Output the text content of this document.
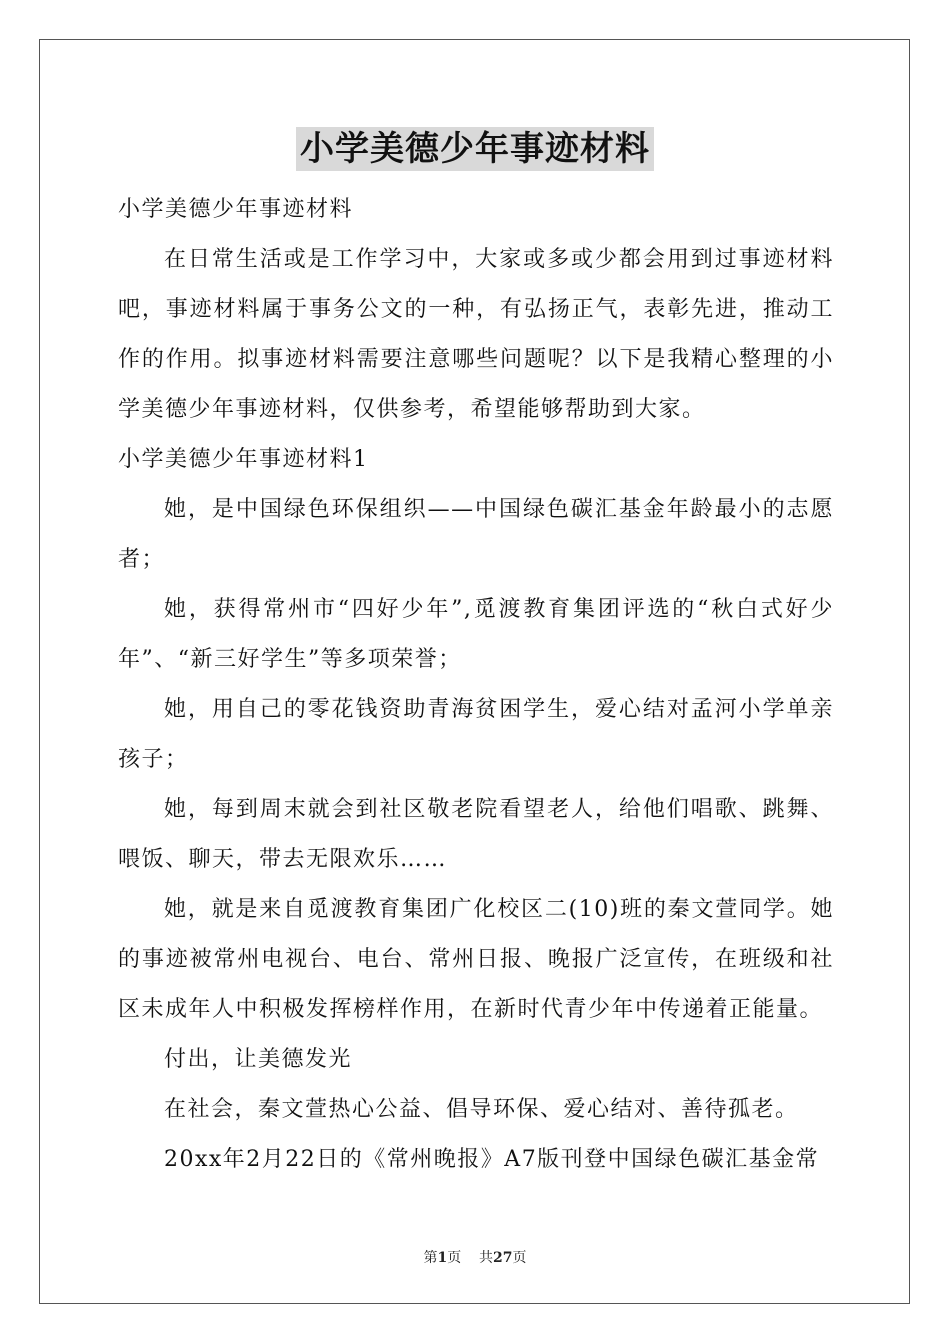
小学美德少年事迹材料

小学美德少年事迹材料

在日常生活或是工作学习中，大家或多或少都会用到过事迹材料吧，事迹材料属于事务公文的一种，有弘扬正气，表彰先进，推动工作的作用。拟事迹材料需要注意哪些问题呢？以下是我精心整理的小学美德少年事迹材料，仅供参考，希望能够帮助到大家。

小学美德少年事迹材料1

她，是中国绿色环保组织——中国绿色碳汇基金年龄最小的志愿者；

她，获得常州市“四好少年”,觅渡教育集团评选的“秋白式好少年”、“新三好学生”等多项荣誉；

她，用自己的零花钱资助青海贫困学生，爱心结对孟河小学单亲孩子；

她，每到周末就会到社区敬老院看望老人，给他们唱歌、跳舞、喂饭、聊天，带去无限欢乐……

她，就是来自觅渡教育集团广化校区二(10)班的秦文萱同学。她的事迹被常州电视台、电台、常州日报、晚报广泛宣传，在班级和社区未成年人中积极发挥榜样作用，在新时代青少年中传递着正能量。

付出，让美德发光

在社会，秦文萱热心公益、倡导环保、爱心结对、善待孤老。

20xx年2月22日的《常州晚报》A7版刊登中国绿色碳汇基金常

第1页 共27页
